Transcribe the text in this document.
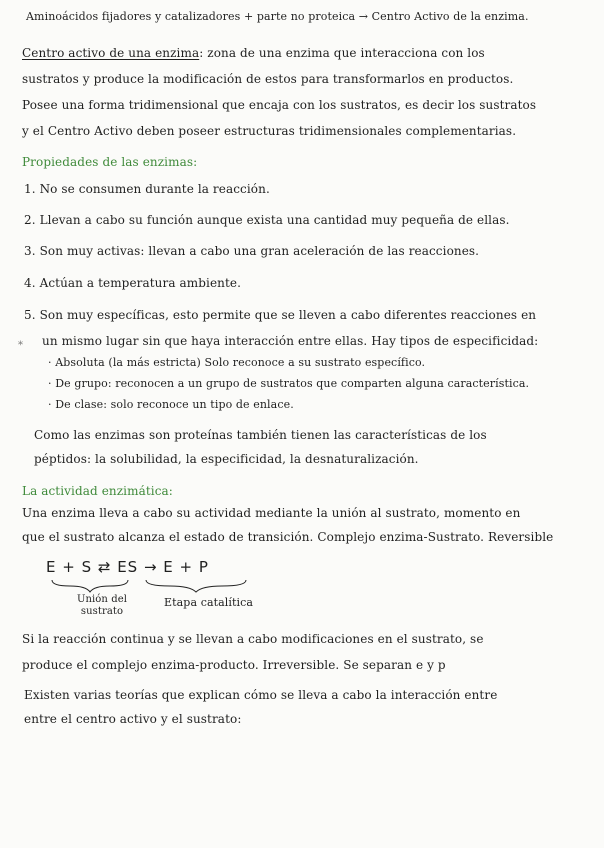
Aminoácidos fijadores y catalizadores + parte no proteica → Centro Activo de la enzima.
Centro activo de una enzima: zona de una enzima que interacciona con los
sustratos y produce la modificación de estos para transformarlos en productos.
Posee una forma tridimensional que encaja con los sustratos, es decir los sustratos
y el Centro Activo deben poseer estructuras tridimensionales complementarias.
Propiedades de las enzimas:
1. No se consumen durante la reacción.
2. Llevan a cabo su función aunque exista una cantidad muy pequeña de ellas.
3. Son muy activas: llevan a cabo una gran aceleración de las reacciones.
4. Actúan a temperatura ambiente.
5. Son muy específicas, esto permite que se lleven a cabo diferentes reacciones en
* un mismo lugar sin que haya interacción entre ellas. Hay tipos de especificidad:
· Absoluta (la más estricta) Solo reconoce a su sustrato específico.
· De grupo: reconocen a un grupo de sustratos que comparten alguna característica.
· De clase: solo reconoce un tipo de enlace.
Como las enzimas son proteínas también tienen las características de los
péptidos: la solubilidad, la especificidad, la desnaturalización.
La actividad enzimática:
Una enzima lleva a cabo su actividad mediante la unión al sustrato, momento en
que el sustrato alcanza el estado de transición. Complejo enzima-Sustrato. Reversible
E + S ⇄ ES → E + P
Unión del sustrato
Etapa catalítica
Si la reacción continua y se llevan a cabo modificaciones en el sustrato, se
produce el complejo enzima-producto. Irreversible. Se separan e y p
Existen varias teorías que explican cómo se lleva a cabo la interacción entre
entre el centro activo y el sustrato:
